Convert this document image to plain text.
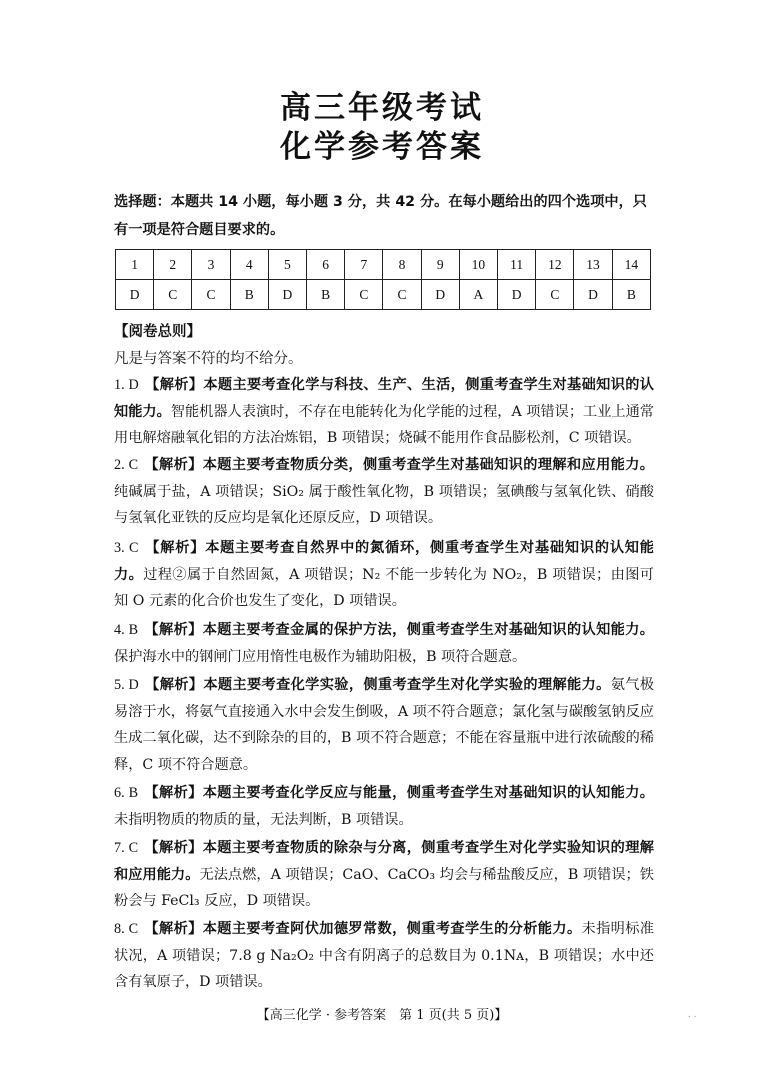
高三年级考试
化学参考答案
选择题：本题共 14 小题，每小题 3 分，共 42 分。在每小题给出的四个选项中，只有一项是符合题目要求的。
1	2	3	4	5	6	7	8	9	10	11	12	13	14
D	C	C	B	D	B	C	C	D	A	D	C	D	B
【阅卷总则】
凡是与答案不符的均不给分。
1. D 【解析】本题主要考查化学与科技、生产、生活，侧重考查学生对基础知识的认知能力。智能机器人表演时，不存在电能转化为化学能的过程，A 项错误；工业上通常用电解熔融氧化铝的方法冶炼铝，B 项错误；烧碱不能用作食品膨松剂，C 项错误。
2. C 【解析】本题主要考查物质分类，侧重考查学生对基础知识的理解和应用能力。纯碱属于盐，A 项错误；SiO₂ 属于酸性氧化物，B 项错误；氢碘酸与氢氧化铁、硝酸与氢氧化亚铁的反应均是氧化还原反应，D 项错误。
3. C 【解析】本题主要考查自然界中的氮循环，侧重考查学生对基础知识的认知能力。过程②属于自然固氮，A 项错误；N₂ 不能一步转化为 NO₂，B 项错误；由图可知 O 元素的化合价也发生了变化，D 项错误。
4. B 【解析】本题主要考查金属的保护方法，侧重考查学生对基础知识的认知能力。保护海水中的钢闸门应用惰性电极作为辅助阳极，B 项符合题意。
5. D 【解析】本题主要考查化学实验，侧重考查学生对化学实验的理解能力。氨气极易溶于水，将氨气直接通入水中会发生倒吸，A 项不符合题意；氯化氢与碳酸氢钠反应生成二氧化碳，达不到除杂的目的，B 项不符合题意；不能在容量瓶中进行浓硫酸的稀释，C 项不符合题意。
6. B 【解析】本题主要考查化学反应与能量，侧重考查学生对基础知识的认知能力。未指明物质的物质的量，无法判断，B 项错误。
7. C 【解析】本题主要考查物质的除杂与分离，侧重考查学生对化学实验知识的理解和应用能力。无法点燃，A 项错误；CaO、CaCO₃ 均会与稀盐酸反应，B 项错误；铁粉会与 FeCl₃ 反应，D 项错误。
8. C 【解析】本题主要考查阿伏加德罗常数，侧重考查学生的分析能力。未指明标准状况，A 项错误；7.8 g Na₂O₂ 中含有阴离子的总数目为 0.1Nᴀ，B 项错误；水中还含有氧原子，D 项错误。
【高三化学 · 参考答案　第 1 页(共 5 页)】	. .
